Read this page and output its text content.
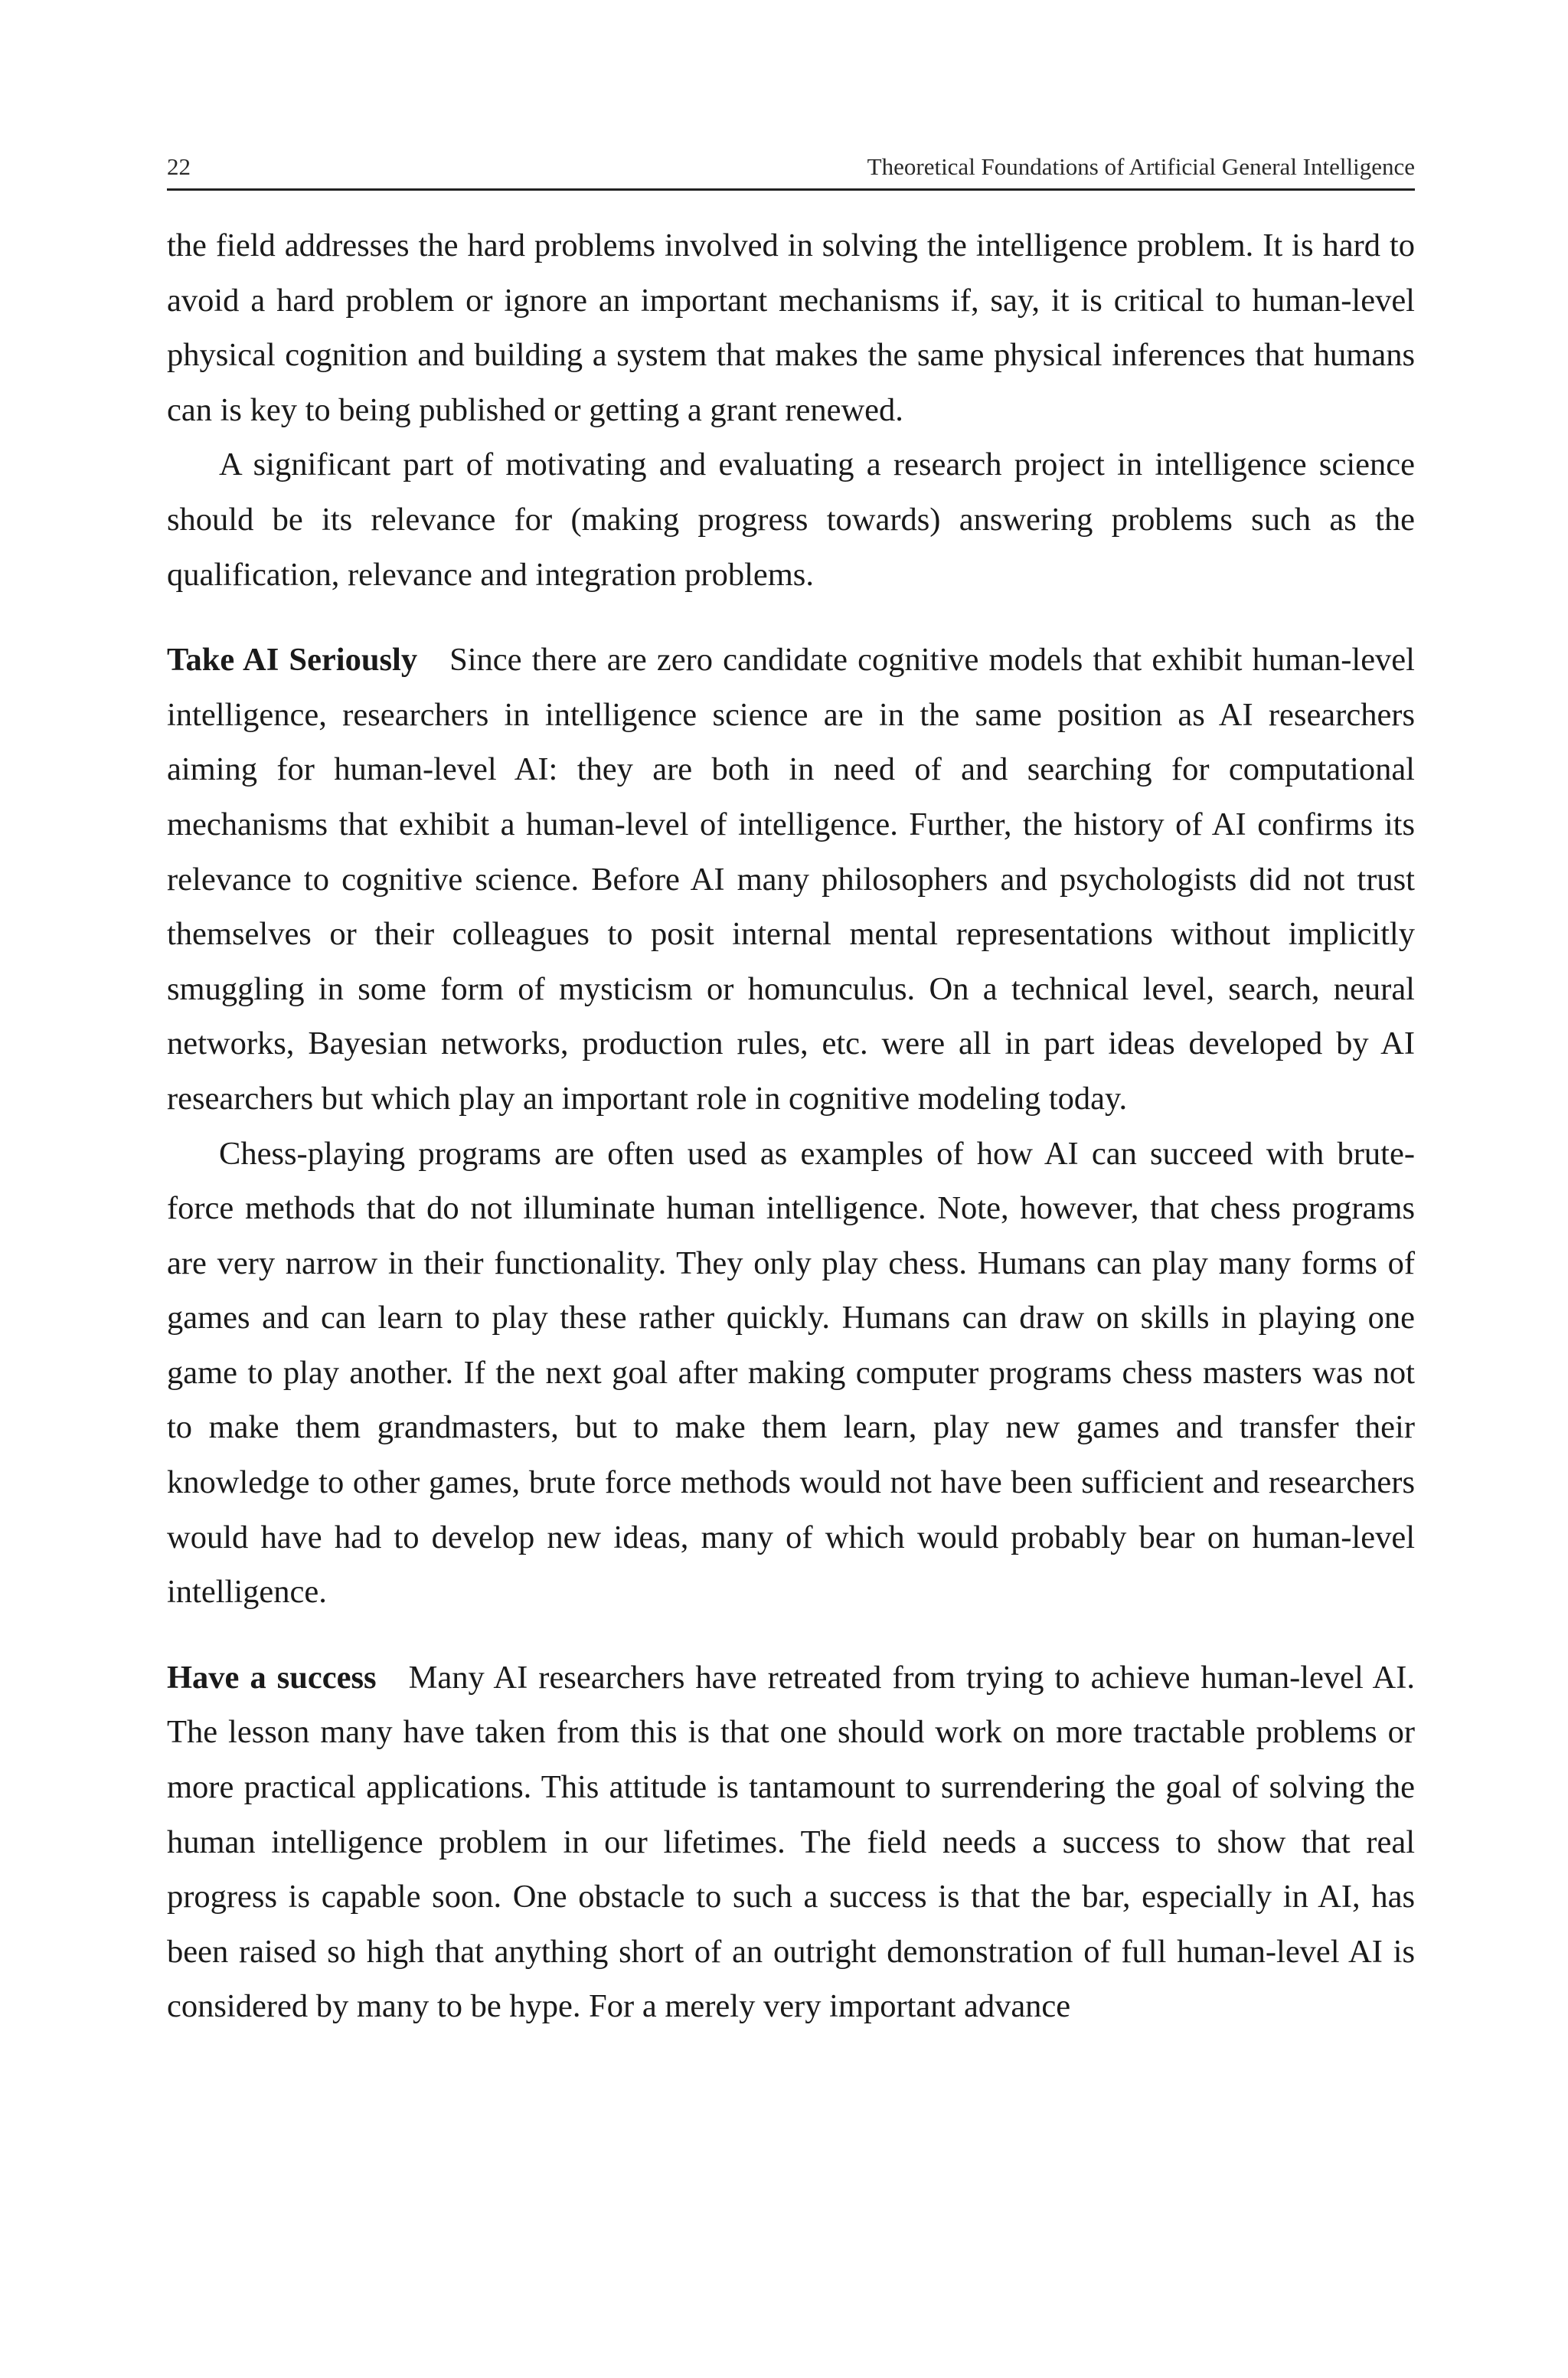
22	Theoretical Foundations of Artificial General Intelligence

the field addresses the hard problems involved in solving the intelligence problem. It is hard to avoid a hard problem or ignore an important mechanisms if, say, it is critical to human-level physical cognition and building a system that makes the same physical inferences that humans can is key to being published or getting a grant renewed.

A significant part of motivating and evaluating a research project in intelligence science should be its relevance for (making progress towards) answering problems such as the qualification, relevance and integration problems.

Take AI Seriously Since there are zero candidate cognitive models that exhibit human-level intelligence, researchers in intelligence science are in the same position as AI researchers aiming for human-level AI: they are both in need of and searching for computational mechanisms that exhibit a human-level of intelligence. Further, the history of AI confirms its relevance to cognitive science. Before AI many philosophers and psychologists did not trust themselves or their colleagues to posit internal mental representations without implicitly smuggling in some form of mysticism or homunculus. On a technical level, search, neural networks, Bayesian networks, production rules, etc. were all in part ideas developed by AI researchers but which play an important role in cognitive modeling today.

Chess-playing programs are often used as examples of how AI can succeed with brute-force methods that do not illuminate human intelligence. Note, however, that chess programs are very narrow in their functionality. They only play chess. Humans can play many forms of games and can learn to play these rather quickly. Humans can draw on skills in playing one game to play another. If the next goal after making computer programs chess masters was not to make them grandmasters, but to make them learn, play new games and transfer their knowledge to other games, brute force methods would not have been sufficient and researchers would have had to develop new ideas, many of which would probably bear on human-level intelligence.

Have a success Many AI researchers have retreated from trying to achieve human-level AI. The lesson many have taken from this is that one should work on more tractable problems or more practical applications. This attitude is tantamount to surrendering the goal of solving the human intelligence problem in our lifetimes. The field needs a success to show that real progress is capable soon. One obstacle to such a success is that the bar, especially in AI, has been raised so high that anything short of an outright demonstration of full human-level AI is considered by many to be hype. For a merely very important advance
